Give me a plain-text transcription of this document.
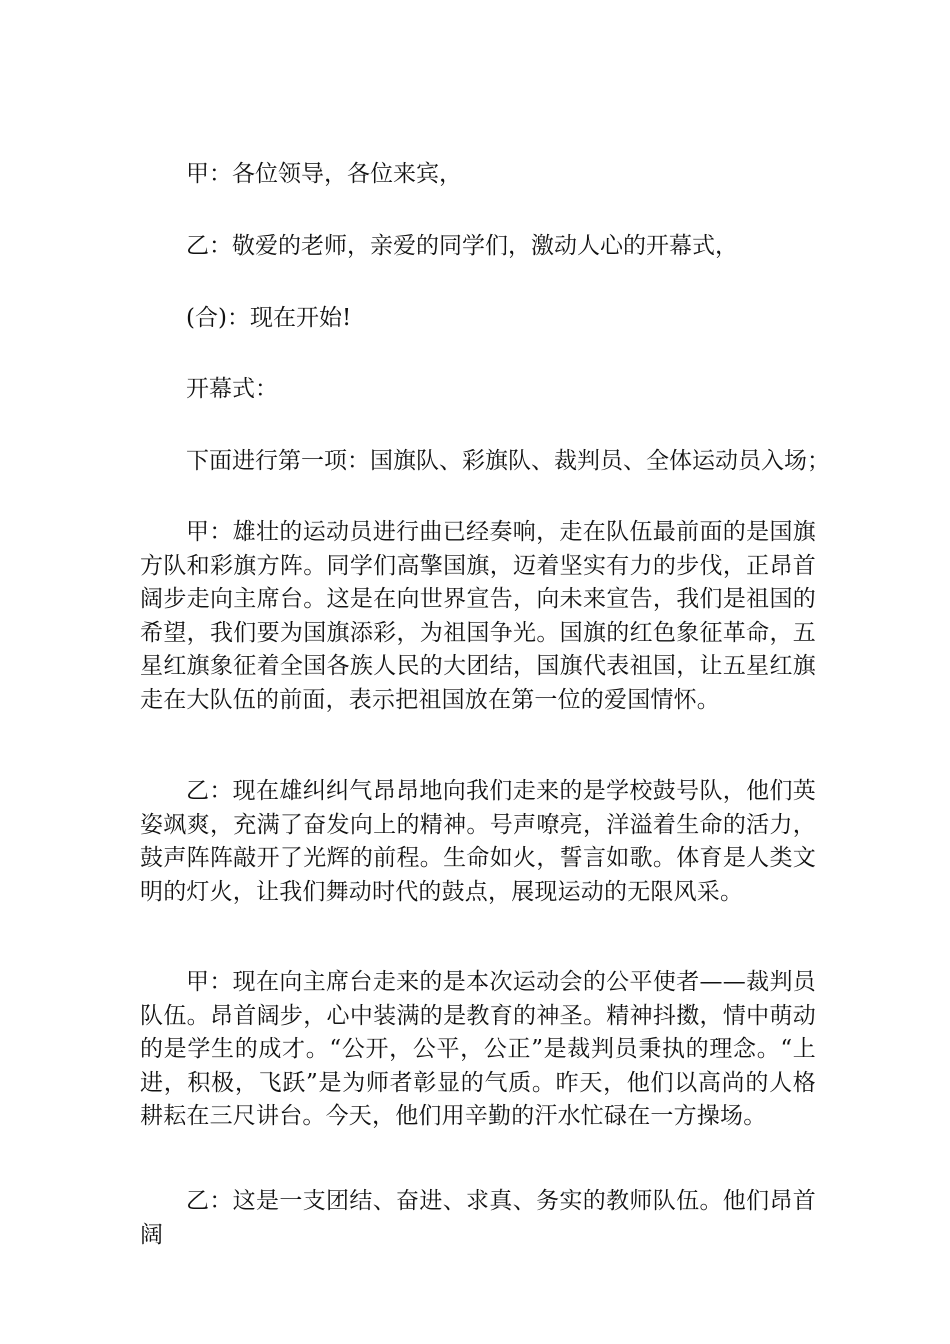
甲：各位领导，各位来宾，
乙：敬爱的老师，亲爱的同学们，激动人心的开幕式，
(合)：现在开始!
开幕式：
下面进行第一项：国旗队、彩旗队、裁判员、全体运动员入场；
甲：雄壮的运动员进行曲已经奏响，走在队伍最前面的是国旗方队和彩旗方阵。同学们高擎国旗，迈着坚实有力的步伐，正昂首阔步走向主席台。这是在向世界宣告，向未来宣告，我们是祖国的希望，我们要为国旗添彩，为祖国争光。国旗的红色象征革命，五星红旗象征着全国各族人民的大团结，国旗代表祖国，让五星红旗走在大队伍的前面，表示把祖国放在第一位的爱国情怀。
乙：现在雄纠纠气昂昂地向我们走来的是学校鼓号队，他们英姿飒爽，充满了奋发向上的精神。号声嘹亮，洋溢着生命的活力，鼓声阵阵敲开了光辉的前程。生命如火，誓言如歌。体育是人类文明的灯火，让我们舞动时代的鼓点，展现运动的无限风采。
甲：现在向主席台走来的是本次运动会的公平使者——裁判员队伍。昂首阔步，心中装满的是教育的神圣。精神抖擞，情中萌动的是学生的成才。“公开，公平，公正”是裁判员秉执的理念。“上进，积极，飞跃”是为师者彰显的气质。昨天，他们以高尚的人格耕耘在三尺讲台。今天，他们用辛勤的汗水忙碌在一方操场。
乙：这是一支团结、奋进、求真、务实的教师队伍。他们昂首阔
